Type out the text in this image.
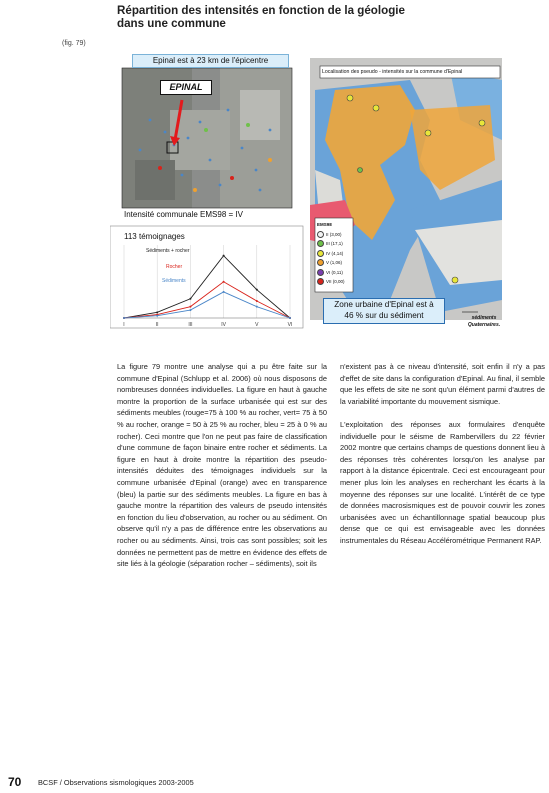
Répartition des intensités en fonction de la géologie
dans une commune
(fig. 79)
I	II	III	IV	V	VI
Epinal est à 23 km de l'épicentre
EPINAL
Intensité communale EMS98 = IV
Localisation des pseudo - intensités sur la commune d'Epinal
EMS98
II (3,00)
III (17,1)
IV (4,14)
V (1,06)
VI (0,11)
VII (0,00)
Zone urbaine d'Epinal est à
46 % sur du sédiment	sédiments
Quaternaires.
113 témoignages
Sédiments + rocher
Rocher
Sédiments

La figure 79 montre une analyse qui a pu être faite sur la commune d'Epinal (Schlupp et al. 2006) où nous disposons de nombreuses données individuelles. La figure en haut à gauche montre la proportion de la surface urbanisée qui est sur des sédiments meubles (rouge=75 à 100 % au rocher, vert= 75 à 50 % au rocher, orange = 50 à 25 % au rocher, bleu = 25 à 0 % au rocher). Ceci montre que l'on ne peut pas faire de classification d'une commune de façon binaire entre rocher et sédiments. La figure en haut à droite montre la répartition des pseudo-intensités déduites des témoignages individuels sur la commune urbanisée d'Epinal (orange) avec en transparence (bleu) la partie sur des sédiments meubles. La figure en bas à gauche montre la répartition des valeurs de pseudo intensités en fonction du lieu d'observation, au rocher ou au sédiment. On observe qu'il n'y a pas de différence entre les observations au rocher ou au sédiments. Ainsi, trois cas sont possibles; soit les données ne permettent pas de mettre en évidence des effets de site liés à la géologie (séparation rocher – sédiments), soit ils

n'existent pas à ce niveau d'intensité, soit enfin il n'y a pas d'effet de site dans la configuration d'Epinal. Au final, il semble que les effets de site ne sont qu'un élément parmi d'autres de la variabilité importante du mouvement sismique.

L'exploitation des réponses aux formulaires d'enquête individuelle pour le séisme de Rambervillers du 22 février 2002 montre que certains champs de questions donnent lieu à des réponses très cohérentes lorsqu'on les analyse par rapport à la distance épicentrale. Ceci est encourageant pour mener plus loin les analyses en recherchant les écarts à la moyenne des réponses sur une localité. L'intérêt de ce type de données macrosismiques est de pouvoir couvrir les zones urbanisées avec un échantillonnage spatial beaucoup plus dense que ce qui est envisageable avec les données instrumentales du Réseau Accélérométrique Permanent RAP.

70 BCSF / Observations sismologiques 2003-2005
